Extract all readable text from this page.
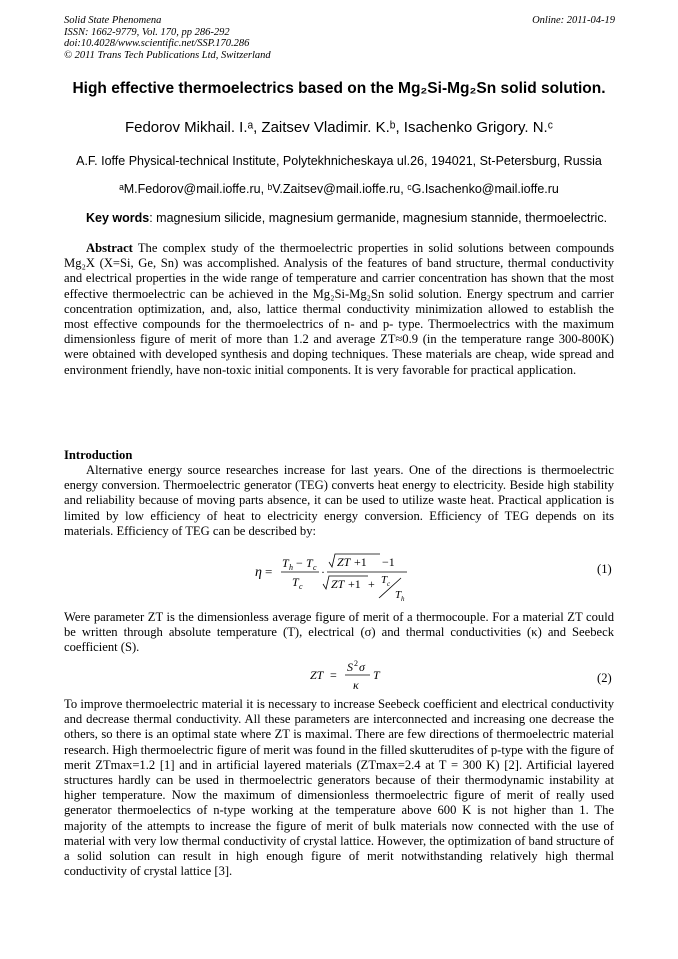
Solid State Phenomena
ISSN: 1662-9779, Vol. 170, pp 286-292
doi:10.4028/www.scientific.net/SSP.170.286
© 2011 Trans Tech Publications Ltd, Switzerland
Online: 2011-04-19
High effective thermoelectrics based on the Mg₂Si-Mg₂Sn solid solution.
Fedorov Mikhail. I.ᵃ, Zaitsev Vladimir. K.ᵇ, Isachenko Grigory. N.ᶜ
A.F. Ioffe Physical-technical Institute, Polytekhnicheskaya ul.26, 194021, St-Petersburg, Russia
ᵃM.Fedorov@mail.ioffe.ru, ᵇV.Zaitsev@mail.ioffe.ru, ᶜG.Isachenko@mail.ioffe.ru
Key words: magnesium silicide, magnesium germanide, magnesium stannide, thermoelectric.

Abstract The complex study of the thermoelectric properties in solid solutions between compounds Mg₂X (X=Si, Ge, Sn) was accomplished. Analysis of the features of band structure, thermal conductivity and electrical properties in the wide range of temperature and carrier concentration has shown that the most effective thermoelectric can be achieved in the Mg₂Si-Mg₂Sn solid solution. Energy spectrum and carrier concentration optimization, and, also, lattice thermal conductivity minimization allowed to establish the most effective compounds for the thermoelectrics of n- and p- type. Thermoelectrics with the maximum dimensionless figure of merit of more than 1.2 and average ZT≈0.9 (in the temperature range 300-800K) were obtained with developed synthesis and doping techniques. These materials are cheap, wide spread and environment friendly, have non-toxic initial components. It is very favorable for practical application.

Introduction

Alternative energy source researches increase for last years. One of the directions is thermoelectric energy conversion. Thermoelectric generator (TEG) converts heat energy to electricity. Beside high stability and reliability because of moving parts absence, it can be used to utilize waste heat. Practical application is limited by low efficiency of heat to electricity energy conversion. Efficiency of TEG depends on its materials. Efficiency of TEG can be described by:

η =
T h − T c
T c
·
ZT +1 −1
ZT +1 + T c
T h
(1)

Were parameter ZT is the dimensionless average figure of merit of a thermocouple. For a material ZT could be written through absolute temperature (T), electrical (σ) and thermal conductivities (κ) and Seebeck coefficient (S).

ZT =
S 2 σ
κ
T	(2)

To improve thermoelectric material it is necessary to increase Seebeck coefficient and electrical conductivity and decrease thermal conductivity. All these parameters are interconnected and increasing one decrease the others, so there is an optimal state where ZT is maximal. There are few directions of thermoelectric material research. High thermoelectric figure of merit was found in the filled skutterudites of p-type with the figure of merit ZTmax=1.2 [1] and in artificial layered materials (ZTmax=2.4 at T = 300 K) [2]. Artificial layered structures hardly can be used in thermoelectric generators because of their thermodynamic instability at higher temperature. Now the maximum of dimensionless thermoelectric figure of merit of really used generator thermoelectics of n-type working at the temperature above 600 K is not higher than 1. The majority of the attempts to increase the figure of merit of bulk materials now connected with the use of material with very low thermal conductivity of crystal lattice. However, the optimization of band structure of a solid solution can result in high enough figure of merit notwithstanding relatively high thermal conductivity of crystal lattice [3].
